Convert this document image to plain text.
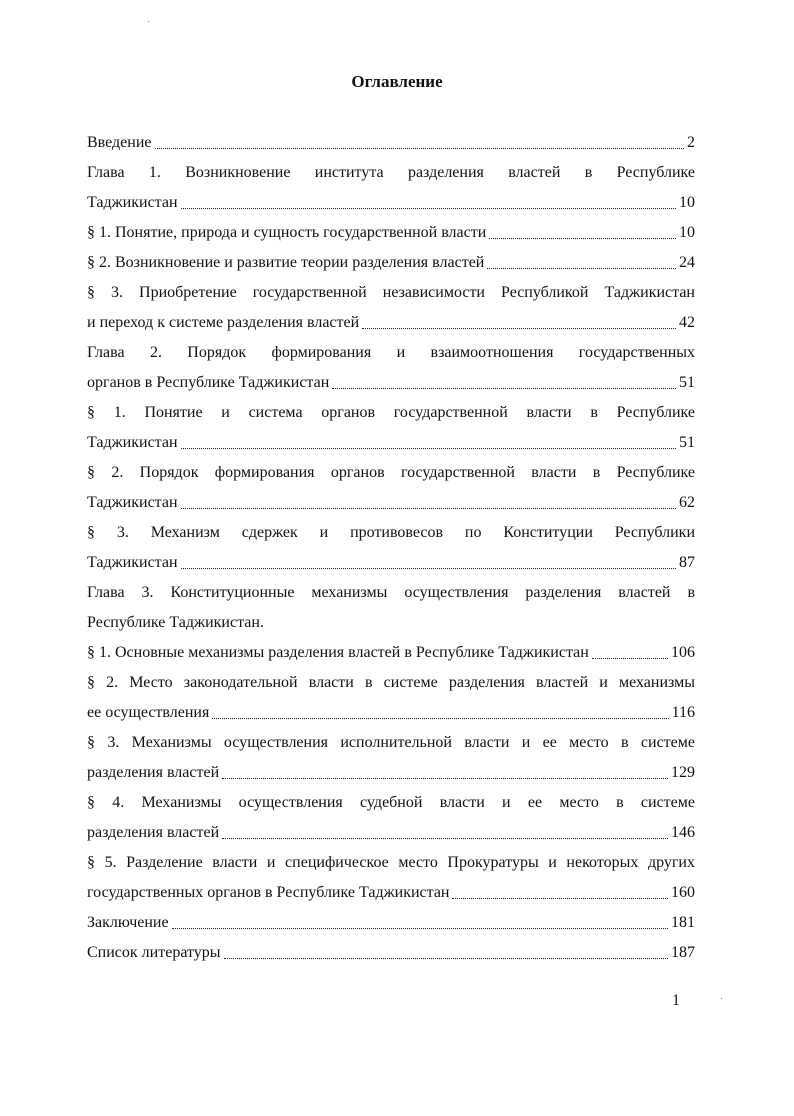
Оглавление
Введение	2
Глава 1. Возникновение института разделения властей в Республике
Таджикистан	10
§ 1. Понятие, природа и сущность государственной власти	10
§ 2. Возникновение и развитие теории разделения властей	24
§ 3. Приобретение государственной независимости Республикой Таджикистан
и переход к системе разделения властей	42
Глава 2. Порядок формирования и взаимоотношения государственных
органов в Республике Таджикистан	51
§ 1. Понятие и система органов государственной власти в Республике
Таджикистан	51
§ 2. Порядок формирования органов государственной власти в Республике
Таджикистан	62
§ 3. Механизм сдержек и противовесов по Конституции Республики
Таджикистан	87
Глава 3. Конституционные механизмы осуществления разделения властей в
Республике Таджикистан.
§ 1. Основные механизмы разделения властей в Республике Таджикистан	106
§ 2. Место законодательной власти в системе разделения властей и механизмы
ее осуществления	116
§ 3. Механизмы осуществления исполнительной власти и ее место в системе
разделения властей	129
§ 4. Механизмы осуществления судебной власти и ее место в системе
разделения властей	146
§ 5. Разделение власти и специфическое место Прокуратуры и некоторых других
государственных органов в Республике Таджикистан	160
Заключение	181
Список литературы	187
1
